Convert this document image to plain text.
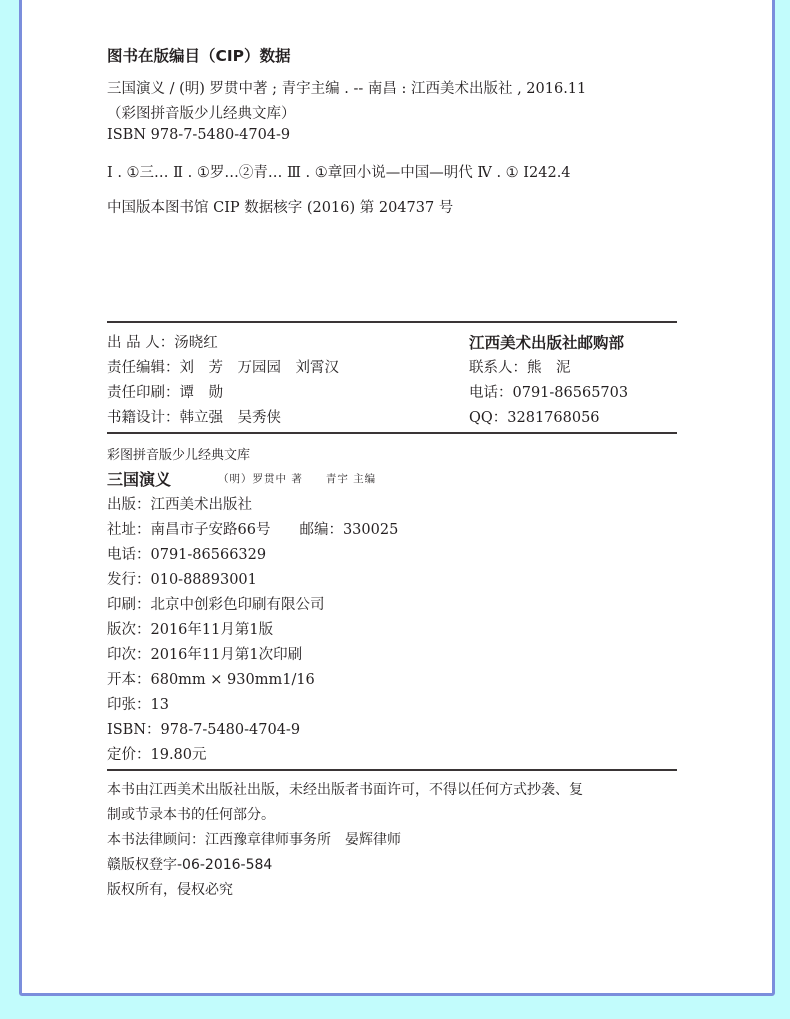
图书在版编目（CIP）数据
三国演义 / (明) 罗贯中著 ; 青宇主编 . -- 南昌 : 江西美术出版社 , 2016.11
（彩图拼音版少儿经典文库）
ISBN 978-7-5480-4704-9
Ⅰ . ①三… Ⅱ . ①罗…②青… Ⅲ . ①章回小说—中国—明代 Ⅳ . ① I242.4
中国版本图书馆 CIP 数据核字 (2016) 第 204737 号
出 品 人：汤晓红
责任编辑：刘　芳　万园园　刘霄汉
责任印刷：谭　勋
书籍设计：韩立强　吴秀侠
江西美术出版社邮购部
联系人：熊　泥
电话：0791-86565703
QQ：3281768056
彩图拼音版少儿经典文库
三国演义	（明）罗贯中 著　　青宇 主编
出版：江西美术出版社
社址：南昌市子安路66号　　邮编：330025
电话：0791-86566329
发行：010-88893001
印刷：北京中创彩色印刷有限公司
版次：2016年11月第1版
印次：2016年11月第1次印刷
开本：680mm × 930mm1/16
印张：13
ISBN：978-7-5480-4704-9
定价：19.80元
本书由江西美术出版社出版，未经出版者书面许可，不得以任何方式抄袭、复
制或节录本书的任何部分。
本书法律顾问：江西豫章律师事务所　晏辉律师
赣版权登字-06-2016-584
版权所有，侵权必究
